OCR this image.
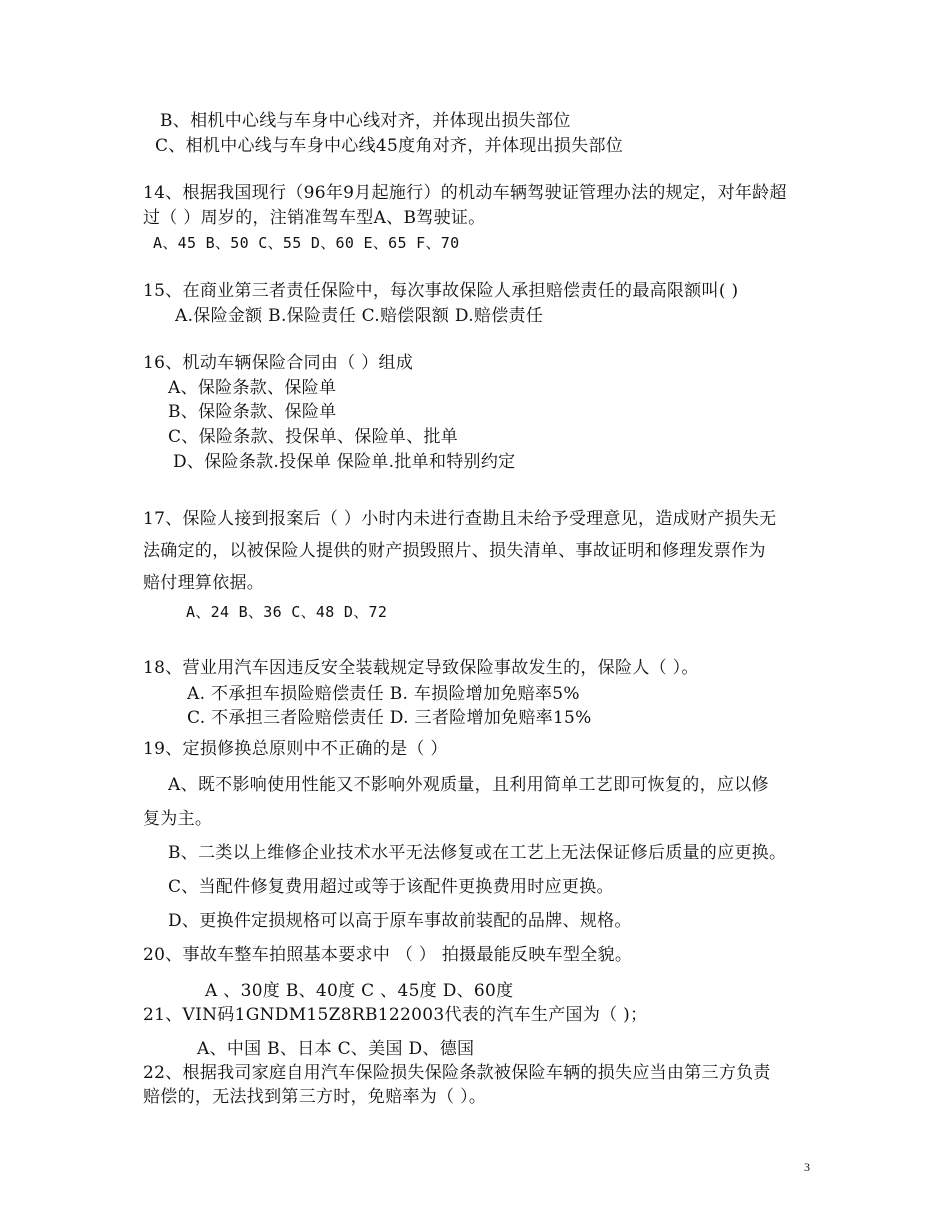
B、相机中心线与车身中心线对齐，并体现出损失部位
C、相机中心线与车身中心线45度角对齐，并体现出损失部位
14、根据我国现行（96年9月起施行）的机动车辆驾驶证管理办法的规定，对年龄超
过（ ）周岁的，注销准驾车型A、B驾驶证。
A、45 B、50 C、55 D、60 E、65 F、70
15、在商业第三者责任保险中，每次事故保险人承担赔偿责任的最高限额叫( )
A.保险金额 B.保险责任 C.赔偿限额 D.赔偿责任
16、机动车辆保险合同由（ ）组成
A、保险条款、保险单
B、保险条款、保险单
C、保险条款、投保单、保险单、批单
D、保险条款.投保单 保险单.批单和特别约定
17、保险人接到报案后（ ）小时内未进行查勘且未给予受理意见，造成财产损失无
法确定的，以被保险人提供的财产损毁照片、损失清单、事故证明和修理发票作为
赔付理算依据。
A、24 B、36 C、48 D、72
18、营业用汽车因违反安全装载规定导致保险事故发生的，保险人（ ）。
A. 不承担车损险赔偿责任 B. 车损险增加免赔率5%
C. 不承担三者险赔偿责任 D. 三者险增加免赔率15%
19、定损修换总原则中不正确的是（ ）
A、既不影响使用性能又不影响外观质量，且利用简单工艺即可恢复的，应以修
复为主。
B、二类以上维修企业技术水平无法修复或在工艺上无法保证修后质量的应更换。
C、当配件修复费用超过或等于该配件更换费用时应更换。
D、更换件定损规格可以高于原车事故前装配的品牌、规格。
20、事故车整车拍照基本要求中 （ ） 拍摄最能反映车型全貌。
A 、30度 B、40度 C 、45度 D、60度
21、VIN码1GNDM15Z8RB122003代表的汽车生产国为（ )；
A、中国 B、日本 C、美国 D、德国
22、根据我司家庭自用汽车保险损失保险条款被保险车辆的损失应当由第三方负责
赔偿的，无法找到第三方时，免赔率为（ ）。
3
